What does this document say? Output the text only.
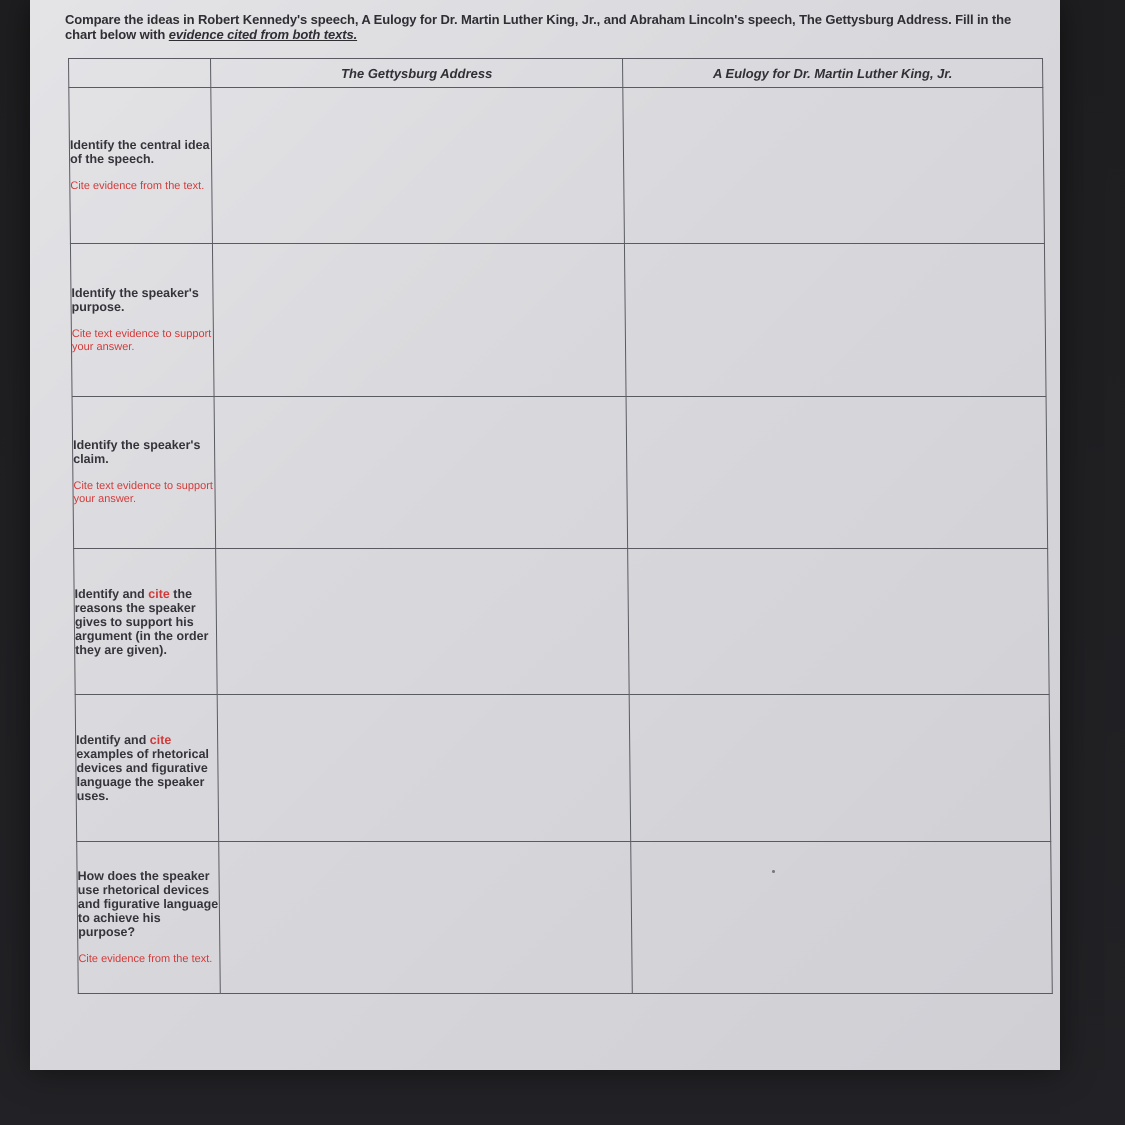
Compare the ideas in Robert Kennedy's speech, A Eulogy for Dr. Martin Luther King, Jr., and Abraham Lincoln's speech, The Gettysburg Address. Fill in the chart below with evidence cited from both texts.
	The Gettysburg Address	A Eulogy for Dr. Martin Luther King, Jr.

Identify the central idea of the speech.
Cite evidence from the text.		

Identify the speaker's purpose.
Cite text evidence to support your answer.		

Identify the speaker's claim.
Cite text evidence to support your answer.		

Identify and cite the reasons the speaker gives to support his argument (in the order they are given).		

Identify and cite examples of rhetorical devices and figurative language the speaker uses.		

How does the speaker use rhetorical devices and figurative language to achieve his purpose?
Cite evidence from the text.		
